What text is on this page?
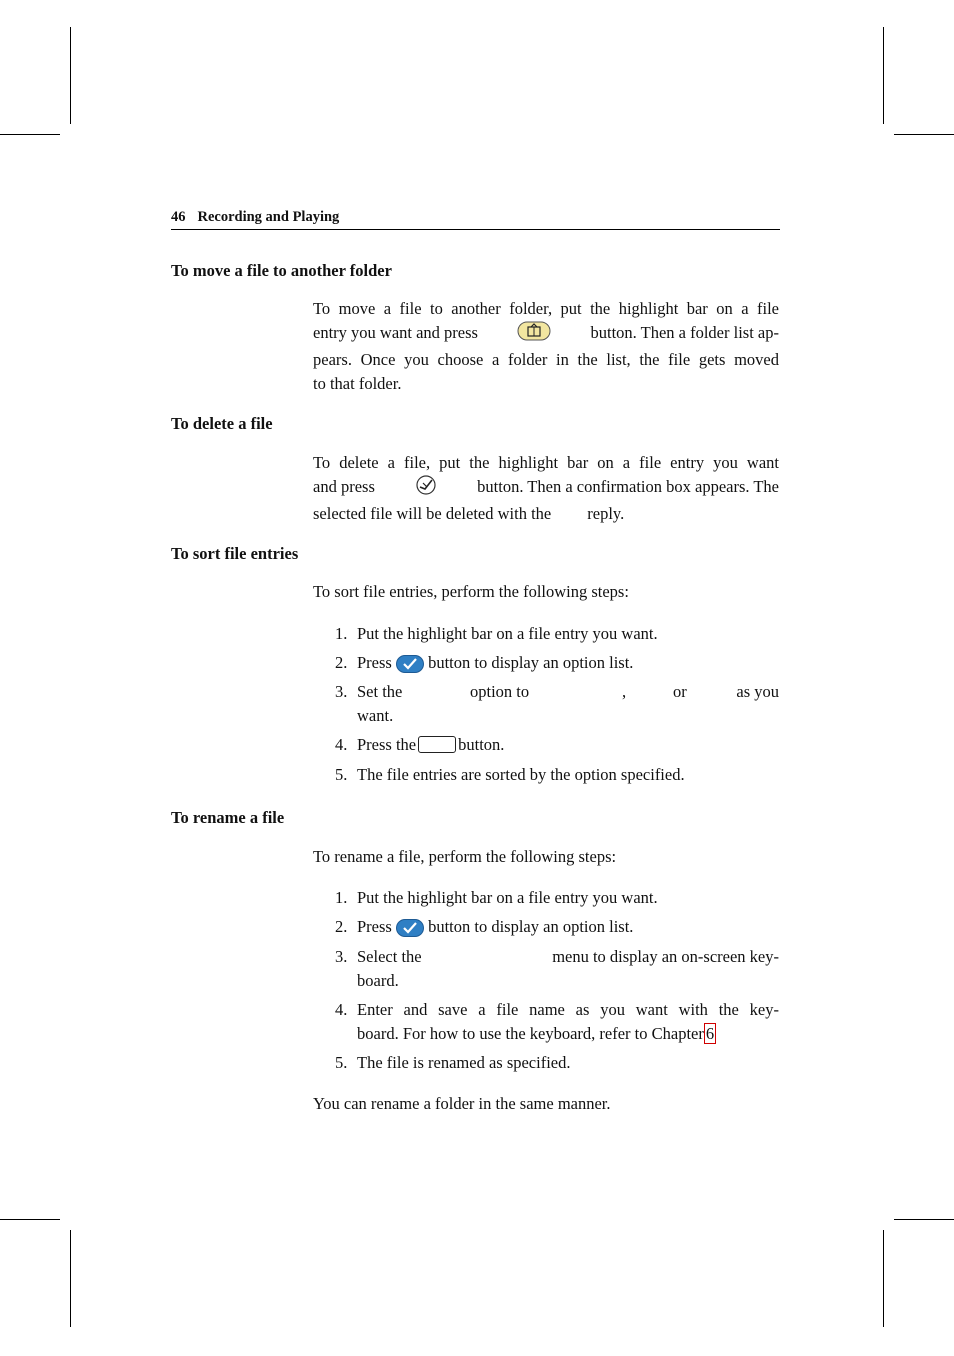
46 Recording and Playing
To move a file to another folder
To move a file to another folder, put the highlight bar on a file
entry you want and press	button. Then a folder list ap-
pears. Once you choose a folder in the list, the file gets moved
to that folder.
To delete a file
To delete a file, put the highlight bar on a file entry you want
and press	button. Then a confirmation box appears. The
selected file will be deleted with the reply.
To sort file entries
To sort file entries, perform the following steps:
1. Put the highlight bar on a file entry you want.
2. Press button to display an option list.
3. Set the	option to	,	or	as you
want.
4. Press the	button.
5. The file entries are sorted by the option specified.
To rename a file
To rename a file, perform the following steps:
1. Put the highlight bar on a file entry you want.
2. Press button to display an option list.
3. Select the	menu to display an on-screen key-
board.
4. Enter and save a file name as you want with the key-
board. For how to use the keyboard, refer to Chapter 6
5. The file is renamed as specified.
You can rename a folder in the same manner.
